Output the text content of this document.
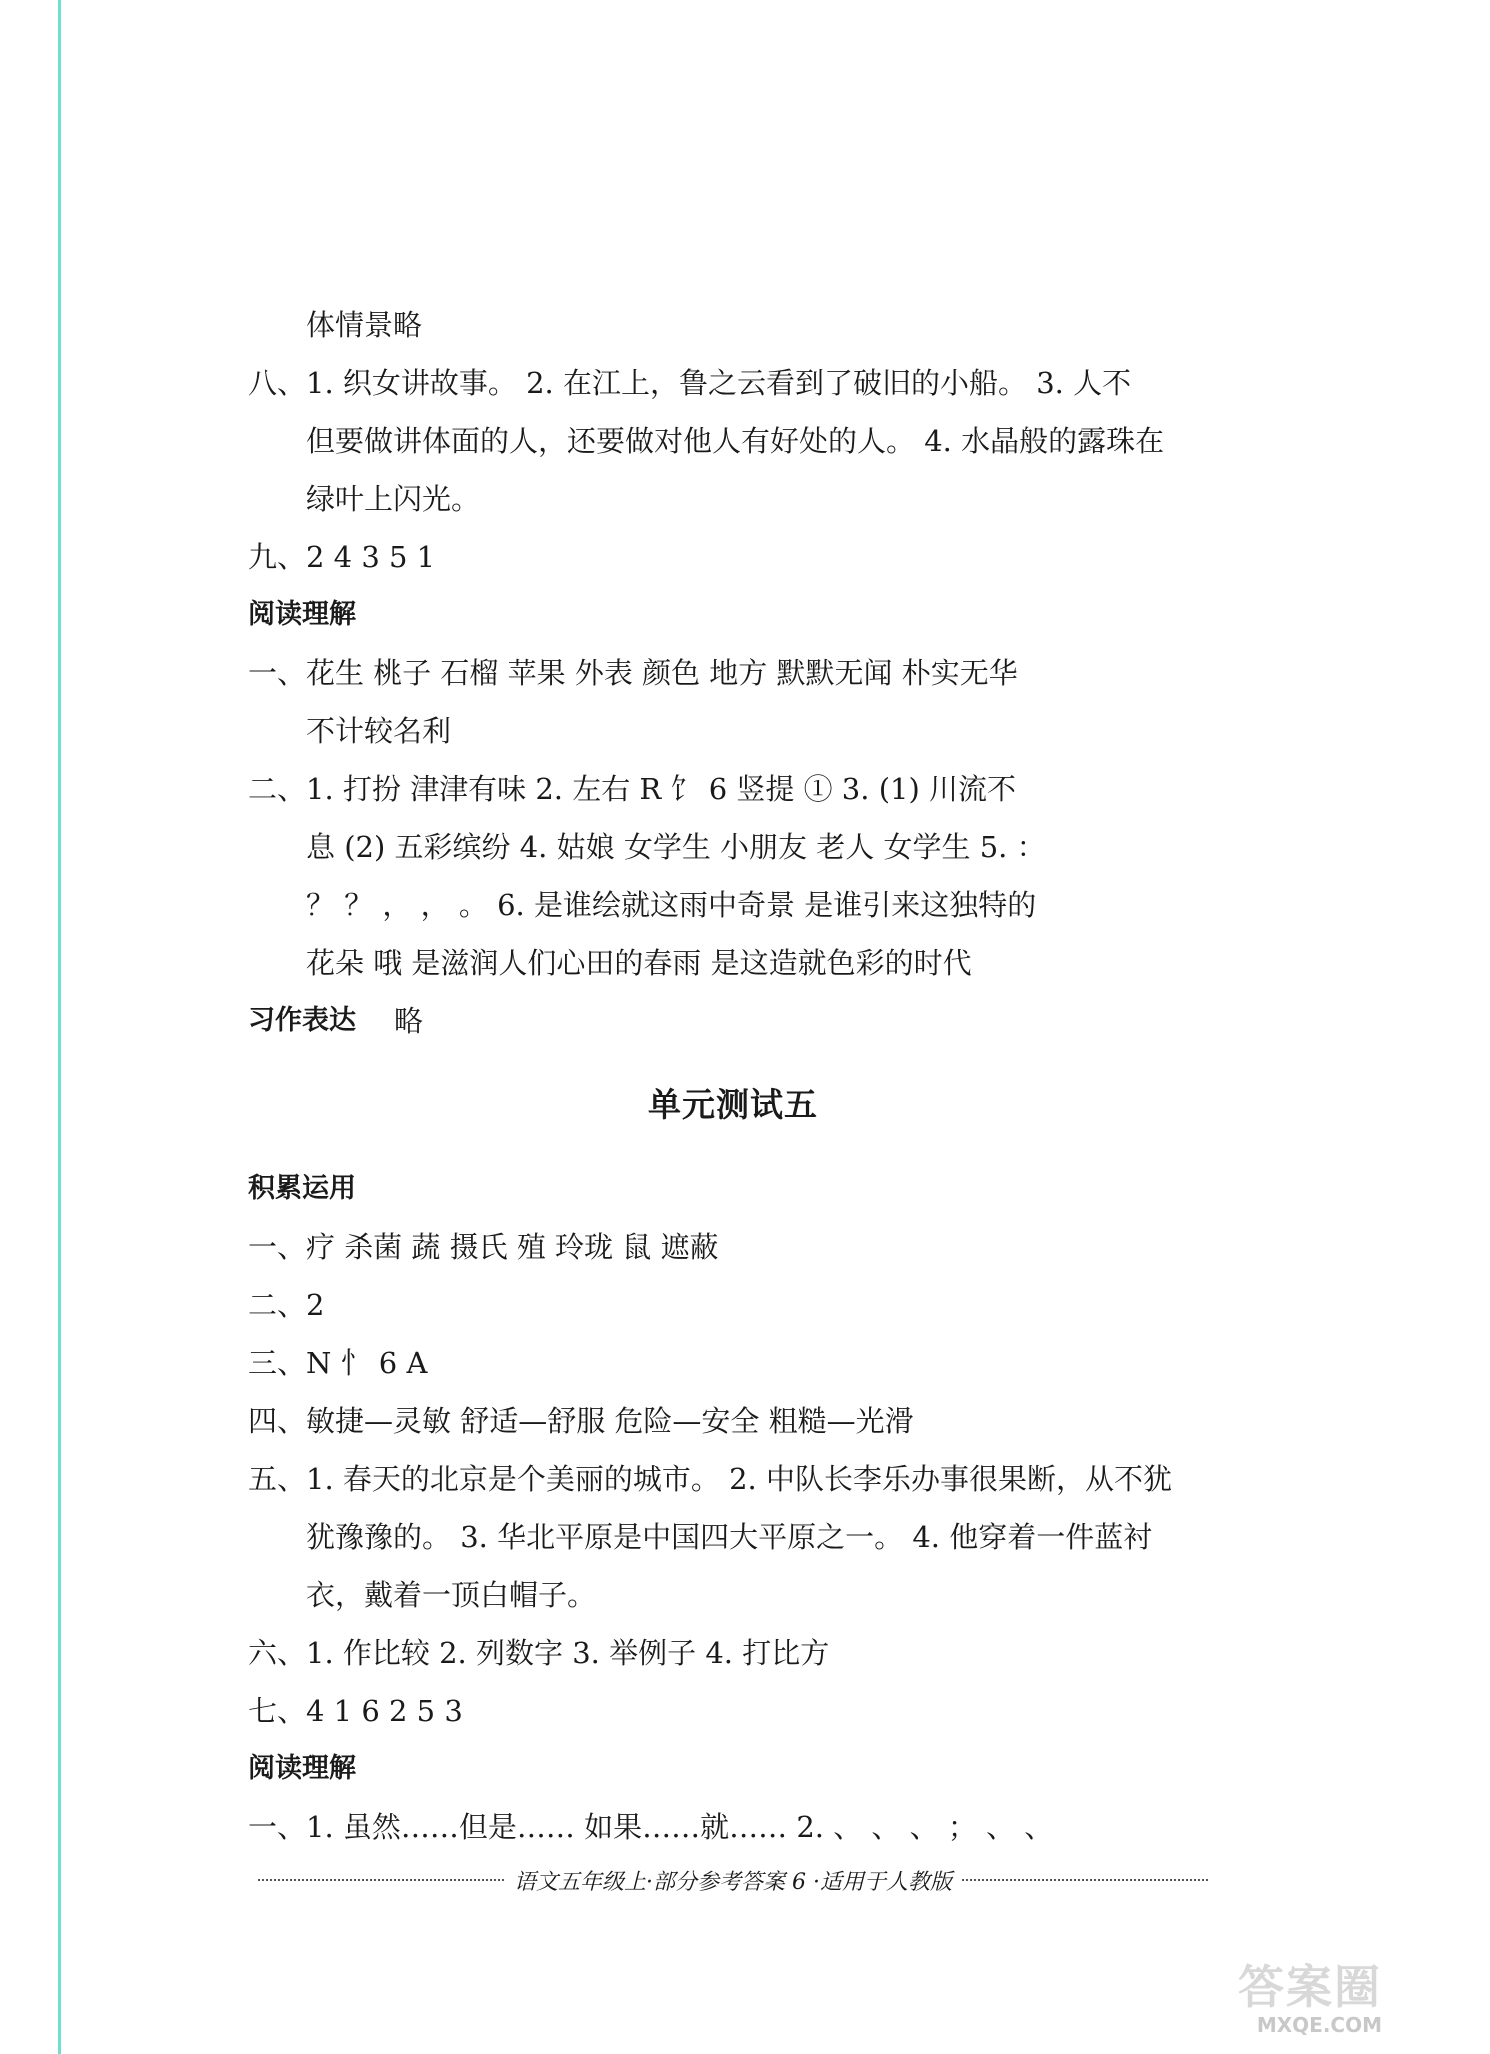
体情景略
八、 1. 织女讲故事。 2. 在江上，鲁之云看到了破旧的小船。 3. 人不
但要做讲体面的人，还要做对他人有好处的人。 4. 水晶般的露珠在
绿叶上闪光。
九、 2 4 3 5 1
阅读理解
一、 花生 桃子 石榴 苹果 外表 颜色 地方 默默无闻 朴实无华
不计较名利
二、 1. 打扮 津津有味 2. 左右 R 饣 6 竖提 ① 3. (1) 川流不
息 (2) 五彩缤纷 4. 姑娘 女学生 小朋友 老人 女学生 5. ：
？ ？ ， ， 。 6. 是谁绘就这雨中奇景 是谁引来这独特的
花朵 哦 是滋润人们心田的春雨 是这造就色彩的时代
习作表达 略
单元测试五
积累运用
一、 疗 杀菌 蔬 摄氏 殖 玲珑 鼠 遮蔽
二、 2
三、 N 忄 6 A
四、 敏捷—灵敏 舒适—舒服 危险—安全 粗糙—光滑
五、 1. 春天的北京是个美丽的城市。 2. 中队长李乐办事很果断，从不犹
犹豫豫的。 3. 华北平原是中国四大平原之一。 4. 他穿着一件蓝衬
衣，戴着一顶白帽子。
六、 1. 作比较 2. 列数字 3. 举例子 4. 打比方
七、 4 1 6 2 5 3
阅读理解
一、 1. 虽然……但是…… 如果……就…… 2. 、 、 、 ； 、 、
语文五年级上·部分参考答案 6 ·适用于人教版
答案圈
MXQE.COM
